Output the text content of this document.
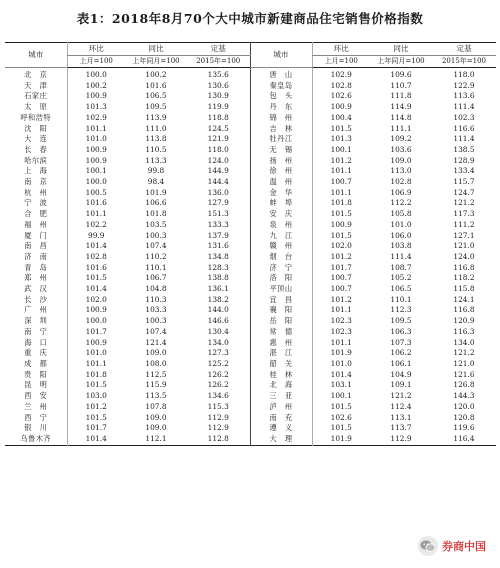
表1：2018年8月70个大中城市新建商品住宅销售价格指数
城市	环比	同比	定基	城市	环比	同比	定基
	上月=100	上年同月=100	2015年=100		上月=100	上年同月=100	2015年=100
北　京	100.0	100.2	135.6	唐　山	102.9	109.6	118.0
天　津	100.2	101.6	130.6	秦皇岛	102.8	110.7	122.9
石家庄	100.9	106.5	130.9	包　头	102.6	111.8	113.6
太　原	101.3	109.5	119.9	丹　东	100.9	114.9	111.4
呼和浩特	102.9	113.9	118.8	锦　州	100.4	114.8	102.3
沈　阳	101.1	111.0	124.5	吉　林	101.5	111.1	116.6
大　连	101.0	113.8	121.9	牡丹江	101.3	109.2	111.4
长　春	100.9	110.5	118.0	无　锡	100.1	103.6	138.5
哈尔滨	100.9	113.3	124.0	扬　州	101.2	109.0	128.9
上　海	100.1	99.8	144.9	徐　州	101.1	113.0	133.4
南　京	100.0	98.4	144.4	温　州	100.7	102.8	115.7
杭　州	100.5	101.9	136.0	金　华	101.1	106.9	124.7
宁　波	101.6	106.6	127.9	蚌　埠	101.8	112.2	121.2
合　肥	101.1	101.8	151.3	安　庆	101.5	105.8	117.3
福　州	102.2	103.5	133.3	泉　州	100.9	101.0	111.2
厦　门	99.9	100.3	137.9	九　江	101.5	106.0	127.1
南　昌	101.4	107.4	131.6	赣　州	102.0	103.8	121.0
济　南	102.8	110.2	134.8	烟　台	101.2	111.4	124.0
青　岛	101.6	110.1	128.3	济　宁	101.7	108.7	116.8
郑　州	101.5	106.7	138.8	洛　阳	100.7	105.2	118.2
武　汉	101.4	104.8	136.1	平顶山	100.7	106.5	115.8
长　沙	102.0	110.3	138.2	宜　昌	101.2	110.1	124.1
广　州	100.9	103.3	144.0	襄　阳	101.1	112.3	116.8
深　圳	100.0	100.3	146.6	岳　阳	102.3	109.5	120.9
南　宁	101.7	107.4	130.4	常　德	102.3	106.3	116.3
海　口	100.9	121.4	134.0	惠　州	101.1	107.3	134.0
重　庆	101.0	109.0	127.3	湛　江	101.9	106.2	121.2
成　都	101.1	108.0	125.2	韶　关	101.0	106.1	121.0
贵　阳	101.8	112.5	126.2	桂　林	101.4	104.9	121.6
昆　明	101.5	115.9	126.2	北　海	103.1	109.1	126.8
西　安	103.0	113.5	134.6	三　亚	100.1	121.2	144.3
兰　州	101.2	107.8	115.3	泸　州	101.5	112.4	120.0
西　宁	101.5	109.0	112.9	南　充	102.6	113.1	120.8
银　川	101.7	109.0	112.9	遵　义	101.5	113.7	119.6
乌鲁木齐	101.4	112.1	112.8	大　理	101.9	112.9	116.4
券商中国
